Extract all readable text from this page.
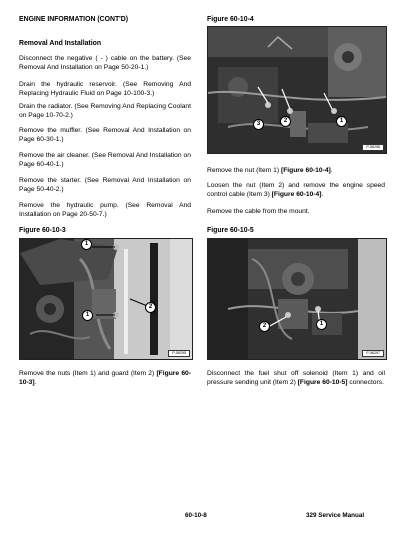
ENGINE INFORMATION (CONT'D)
Removal And Installation

Disconnect the negative ( - ) cable on the battery. (See Removal And Installation on Page 50-20-1.)

Drain the hydraulic reservoir. (See Removing And Replacing Hydraulic Fluid on Page 10-100-3.)

Drain the radiator. (See Removing And Replacing Coolant on Page 10-70-2.)

Remove the muffler. (See Removal And Installation on Page 60-30-1.)

Remove the air cleaner. (See Removal And Installation on Page 60-40-1.)

Remove the starter. (See Removal And Installation on Page 50-40-2.)

Remove the hydraulic pump. (See Removal And Installation on Page 20-50-7.)

Figure 60-10-3
1
2
1
P-56295

Remove the nuts (Item 1) and guard (Item 2) [Figure 60-10-3].

Figure 60-10-4
3	2	1
P-56296

Remove the nut (Item 1) [Figure 60-10-4].

Loosen the nut (Item 2) and remove the engine speed control cable (Item 3) [Figure 60-10-4].

Remove the cable from the mount.

Figure 60-10-5
2	1
P-56297

Disconnect the fuel shut off solenoid (Item 1) and oil pressure sending unit (Item 2) [Figure 60-10-5] connectors.

60-10-8	329 Service Manual
